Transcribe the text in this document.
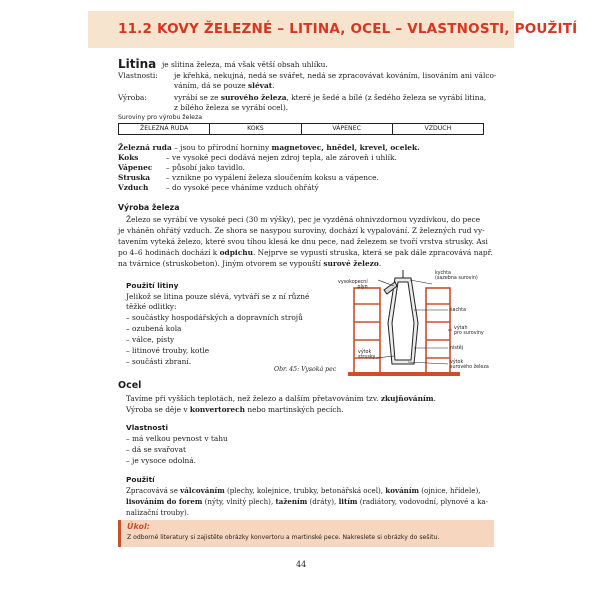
11.2 KOVY ŽELEZNÉ – LITINA, OCEL – VLASTNOSTI, POUŽITÍ
Litina je slitina železa, má však větší obsah uhlíku.
Vlastnosti: je křehká, nekujná, nedá se svářet, nedá se zpracovávat kováním, lisováním ani válco-
váním, dá se pouze slévat.
Výroba:	vyrábí se ze surového železa, které je šedé a bílé (z šedého železa se vyrábí litina,
z bílého železa se vyrábí ocel).
Suroviny pro výrobu železa
ŽELEZNÁ RUDA	KOKS	VÁPENEC	VZDUCH
Železná ruda – jsou to přírodní horniny magnetovec, hnědel, krevel, ocelek.
Koks	– ve vysoké peci dodává nejen zdroj tepla, ale zároveň i uhlík.
Vápenec – působí jako tavidlo.
Struska – vznikne po vypálení železa sloučením koksu a vápence.
Vzduch – do vysoké pece vháníme vzduch ohřátý
Výroba železa
Železo se vyrábí ve vysoké peci (30 m výšky), pec je vyzděná ohnivzdornou vyzdívkou, do pece
je vháněn ohřátý vzduch. Ze shora se nasypou suroviny, dochází k vypalování. Z železných rud vy-
tavením vyteká železo, které svou tíhou klesá ke dnu pece, nad železem se tvoří vrstva strusky. Asi
po 4–6 hodinách dochází k odpichu. Nejprve se vypustí struska, která se pak dále zpracovává např.
na tvárnice (struskobeton). Jiným otvorem se vypouští surové železo.
Použití litiny
Jelikož se litina pouze slévá, vytváří se z ní různé
těžké odlitky:
– součástky hospodářských a dopravních strojů
– ozubená kola
– válce, písty
– litinové trouby, kotle
– součásti zbraní.
Obr. 45: Vysoká pec
kychta
(sazebna surovin)
vysokopecní
plyn
šachta
výtah
pro suroviny
nístěj
výtok
strusky
výtok
surového železa
Ocel
Tavíme při vyšších teplotách, než železo a dalším přetavováním tzv. zkujňováním.
Výroba se děje v konvertorech nebo martinských pecích.
Vlastnosti
– má velkou pevnost v tahu
– dá se svařovat
– je vysoce odolná.
Použití
Zpracovává se válcováním (plechy, kolejnice, trubky, betonářská ocel), kováním (ojnice, hřídele),
lisováním do forem (nýty, vlnitý plech), tažením (dráty), litím (radiátory, vodovodní, plynové a ka-
nalizační trouby).
Úkol:
Z odborné literatury si zajistěte obrázky konvertoru a martinské pece. Nakreslete si obrázky do sešitu.
44
